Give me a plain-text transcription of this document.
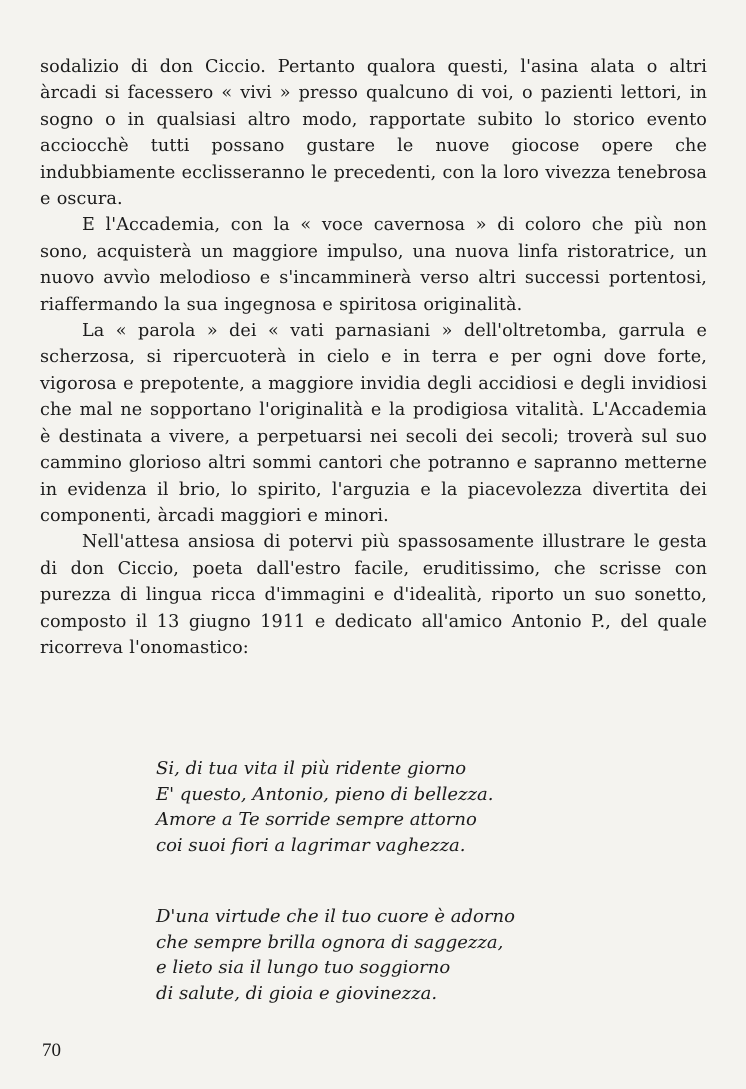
sodalizio di don Ciccio. Pertanto qualora questi, l'asina alata o altri àrcadi si facessero « vivi » presso qualcuno di voi, o pazienti lettori, in sogno o in qualsiasi altro modo, rapportate subito lo storico evento acciocchè tutti possano gustare le nuove giocose opere che indubbiamente ecclisseranno le precedenti, con la loro vivezza tenebrosa e oscura.

E l'Accademia, con la « voce cavernosa » di coloro che più non sono, acquisterà un maggiore impulso, una nuova linfa ristoratrice, un nuovo avvìo melodioso e s'incamminerà verso altri successi portentosi, riaffermando la sua ingegnosa e spiritosa originalità.

La « parola » dei « vati parnasiani » dell'oltretomba, garrula e scherzosa, si ripercuoterà in cielo e in terra e per ogni dove forte, vigorosa e prepotente, a maggiore invidia degli accidiosi e degli invidiosi che mal ne sopportano l'originalità e la prodigiosa vitalità. L'Accademia è destinata a vivere, a perpetuarsi nei secoli dei secoli; troverà sul suo cammino glorioso altri sommi cantori che potranno e sapranno metterne in evidenza il brio, lo spirito, l'arguzia e la piacevolezza divertita dei componenti, àrcadi maggiori e minori.

Nell'attesa ansiosa di potervi più spassosamente illustrare le gesta di don Ciccio, poeta dall'estro facile, eruditissimo, che scrisse con purezza di lingua ricca d'immagini e d'idealità, riporto un suo sonetto, composto il 13 giugno 1911 e dedicato all'amico Antonio P., del quale ricorreva l'onomastico:

Si, di tua vita il più ridente giorno
E' questo, Antonio, pieno di bellezza.
Amore a Te sorride sempre attorno
coi suoi fiori a lagrimar vaghezza.
D'una virtude che il tuo cuore è adorno
che sempre brilla ognora di saggezza,
e lieto sia il lungo tuo soggiorno
di salute, di gioia e giovinezza.
70
